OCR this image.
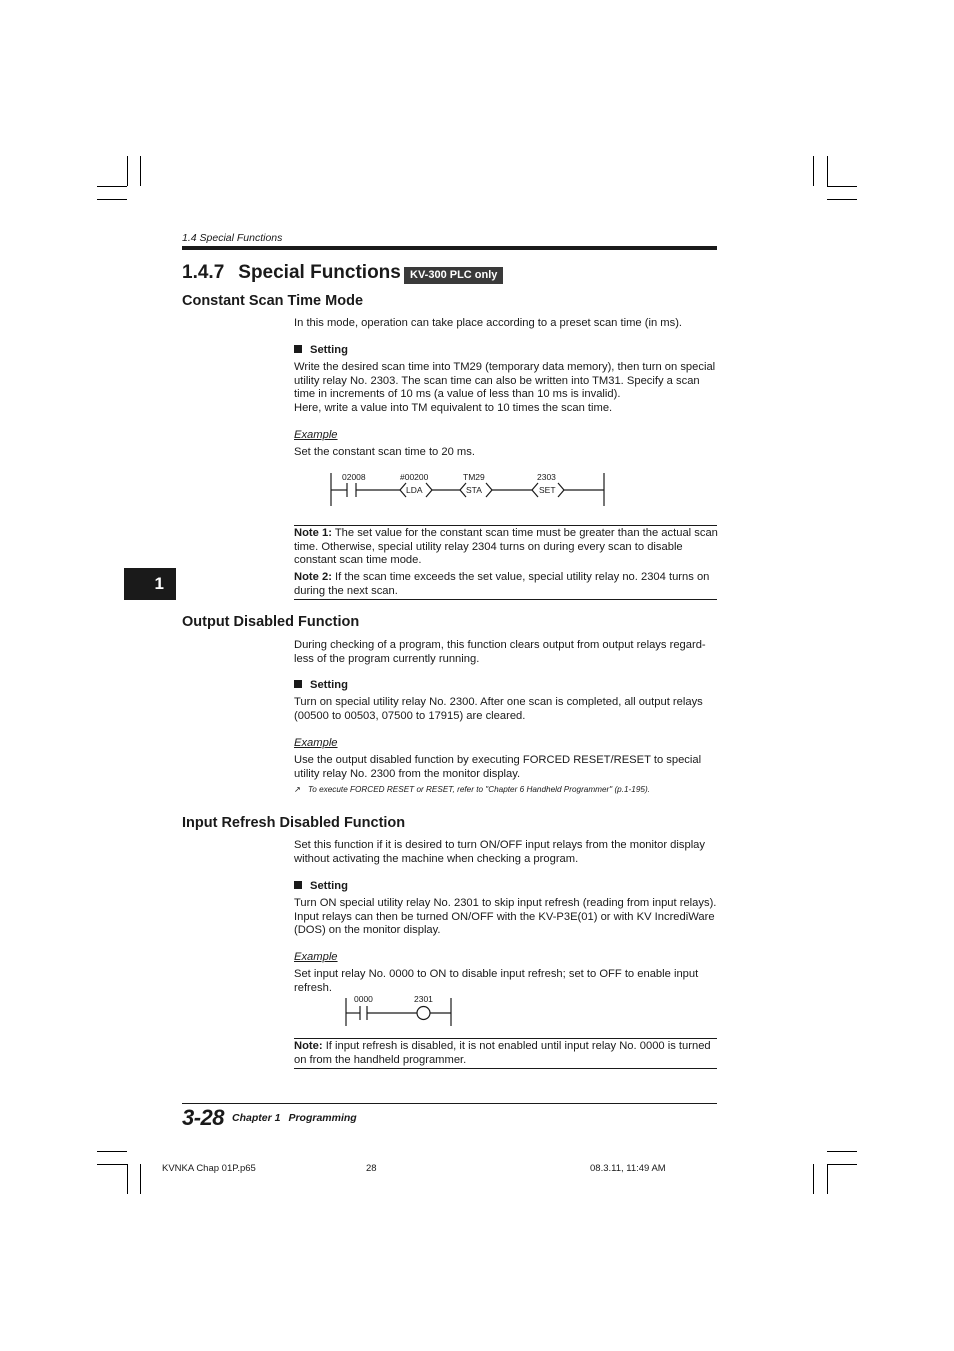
1.4 Special Functions
1.4.7 Special Functions KV-300 PLC only
1
Constant Scan Time Mode

In this mode, operation can take place according to a preset scan time (in ms).

Setting

Write the desired scan time into TM29 (temporary data memory), then turn on special utility relay No. 2303. The scan time can also be written into TM31. Specify a scan time in increments of 10 ms (a value of less than 10 ms is invalid).

Here, write a value into TM equivalent to 10 times the scan time.

Example

Set the constant scan time to 20 ms.

02008	#00200
LDA
TM29
STA
2303
SET

Note 1: The set value for the constant scan time must be greater than the actual scan time. Otherwise, special utility relay 2304 turns on during every scan to disable constant scan time mode.

Note 2: If the scan time exceeds the set value, special utility relay no. 2304 turns on during the next scan.

Output Disabled Function

During checking of a program, this function clears output from output relays regard- less of the program currently running.

Setting

Turn on special utility relay No. 2300. After one scan is completed, all output relays (00500 to 00503, 07500 to 17915) are cleared.

Example

Use the output disabled function by executing FORCED RESET/RESET to special utility relay No. 2300 from the monitor display.

↗ To execute FORCED RESET or RESET, refer to "Chapter 6 Handheld Programmer" (p.1-195).
Input Refresh Disabled Function

Set this function if it is desired to turn ON/OFF input relays from the monitor display without activating the machine when checking a program.

Setting

Turn ON special utility relay No. 2301 to skip input refresh (reading from input relays). Input relays can then be turned ON/OFF with the KV-P3E(01) or with KV IncrediWare (DOS) on the monitor display.

Example

Set input relay No. 0000 to ON to disable input refresh; set to OFF to enable input refresh.

0000	2301

Note: If input refresh is disabled, it is not enabled until input relay No. 0000 is turned on from the handheld programmer.

3-28 Chapter 1 Programming
KVNKA Chap 01P.p65	28	08.3.11, 11:49 AM
